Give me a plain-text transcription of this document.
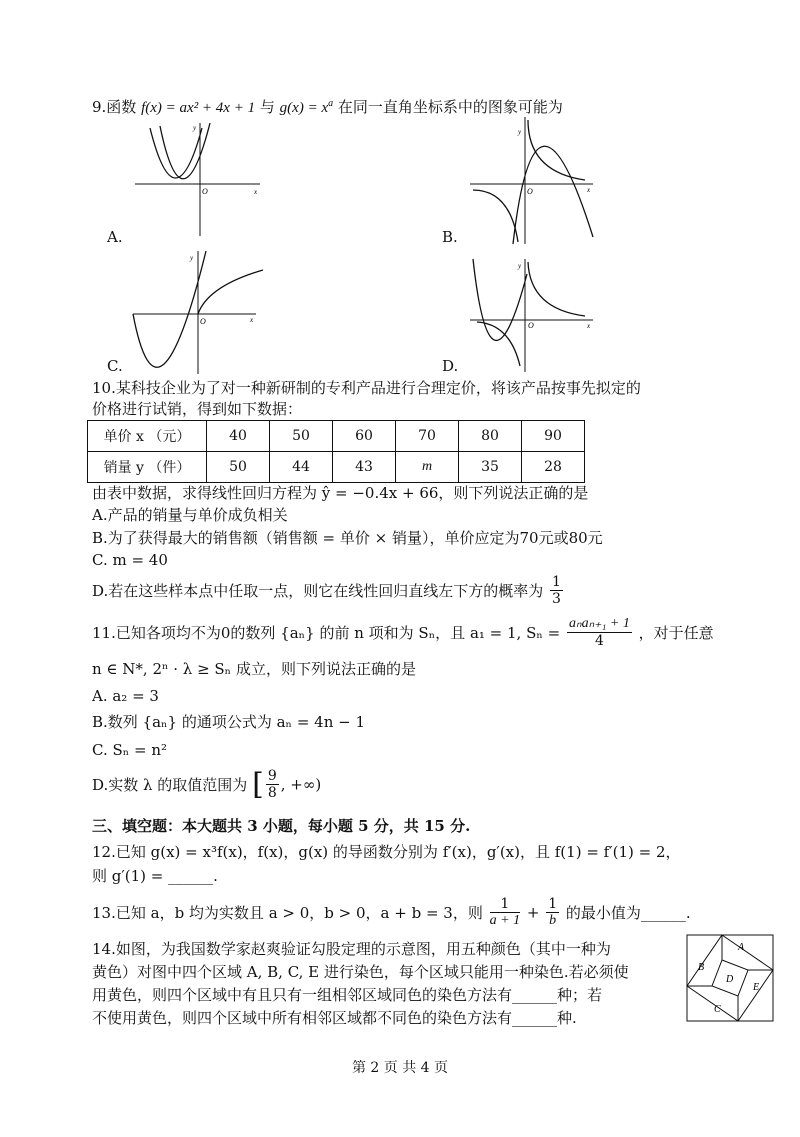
9.函数 f(x) = ax² + 4x + 1 与 $g(x) = x^a$ 在同一直角坐标系中的图象可能为
y
x
O
A.
y
x
O
B.
y
x
O
C.
y
x
O
D.
10.某科技企业为了对一种新研制的专利产品进行合理定价，将该产品按事先拟定的
价格进行试销，得到如下数据：
单价 x （元）	40	50	60	70	80	90
销量 y （件）	50	44	43	m	35	28
由表中数据，求得线性回归方程为 ŷ = −0.4x + 66，则下列说法正确的是
A.产品的销量与单价成负相关
B.为了获得最大的销售额（销售额 = 单价 × 销量），单价应定为70元或80元
C. m = 40
D.若在这些样本点中任取一点，则它在线性回归直线左下方的概率为 $\frac{1}{3}$
11.已知各项均不为0的数列 {aₙ} 的前 n 项和为 Sₙ，且 a₁ = 1, $S_n = \frac{\text{aₙaₙ₊₁ + 1}}{4}$ ，对于任意
n ∈ N*, 2ⁿ · λ ≥ Sₙ 成立，则下列说法正确的是
A. a₂ = 3
B.数列 {aₙ} 的通项公式为 aₙ = 4n − 1
C. Sₙ = n²
D.实数 λ 的取值范围为 [ $\frac{9}{8}$ , +∞)
三、填空题：本大题共 3 小题，每小题 5 分，共 15 分.
12.已知 g(x) = x³f(x)，f(x)，g(x) 的导函数分别为 f′(x)，g′(x)，且 f(1) = f′(1) = 2，
则 g′(1) = ______.
13.已知 a，b 均为实数且 a > 0，b > 0，a + b = 3，则 $\frac{1}{a + 1} + \frac{1}{b}$ 的最小值为______.
14.如图，为我国数学家赵爽验证勾股定理的示意图，用五种颜色（其中一种为
黄色）对图中四个区域 A, B, C, E 进行染色，每个区域只能用一种染色.若必须使
用黄色，则四个区域中有且只有一组相邻区域同色的染色方法有______种；若
不使用黄色，则四个区域中所有相邻区域都不同色的染色方法有______种.
A
B
D
E
C
第 2 页 共 4 页
